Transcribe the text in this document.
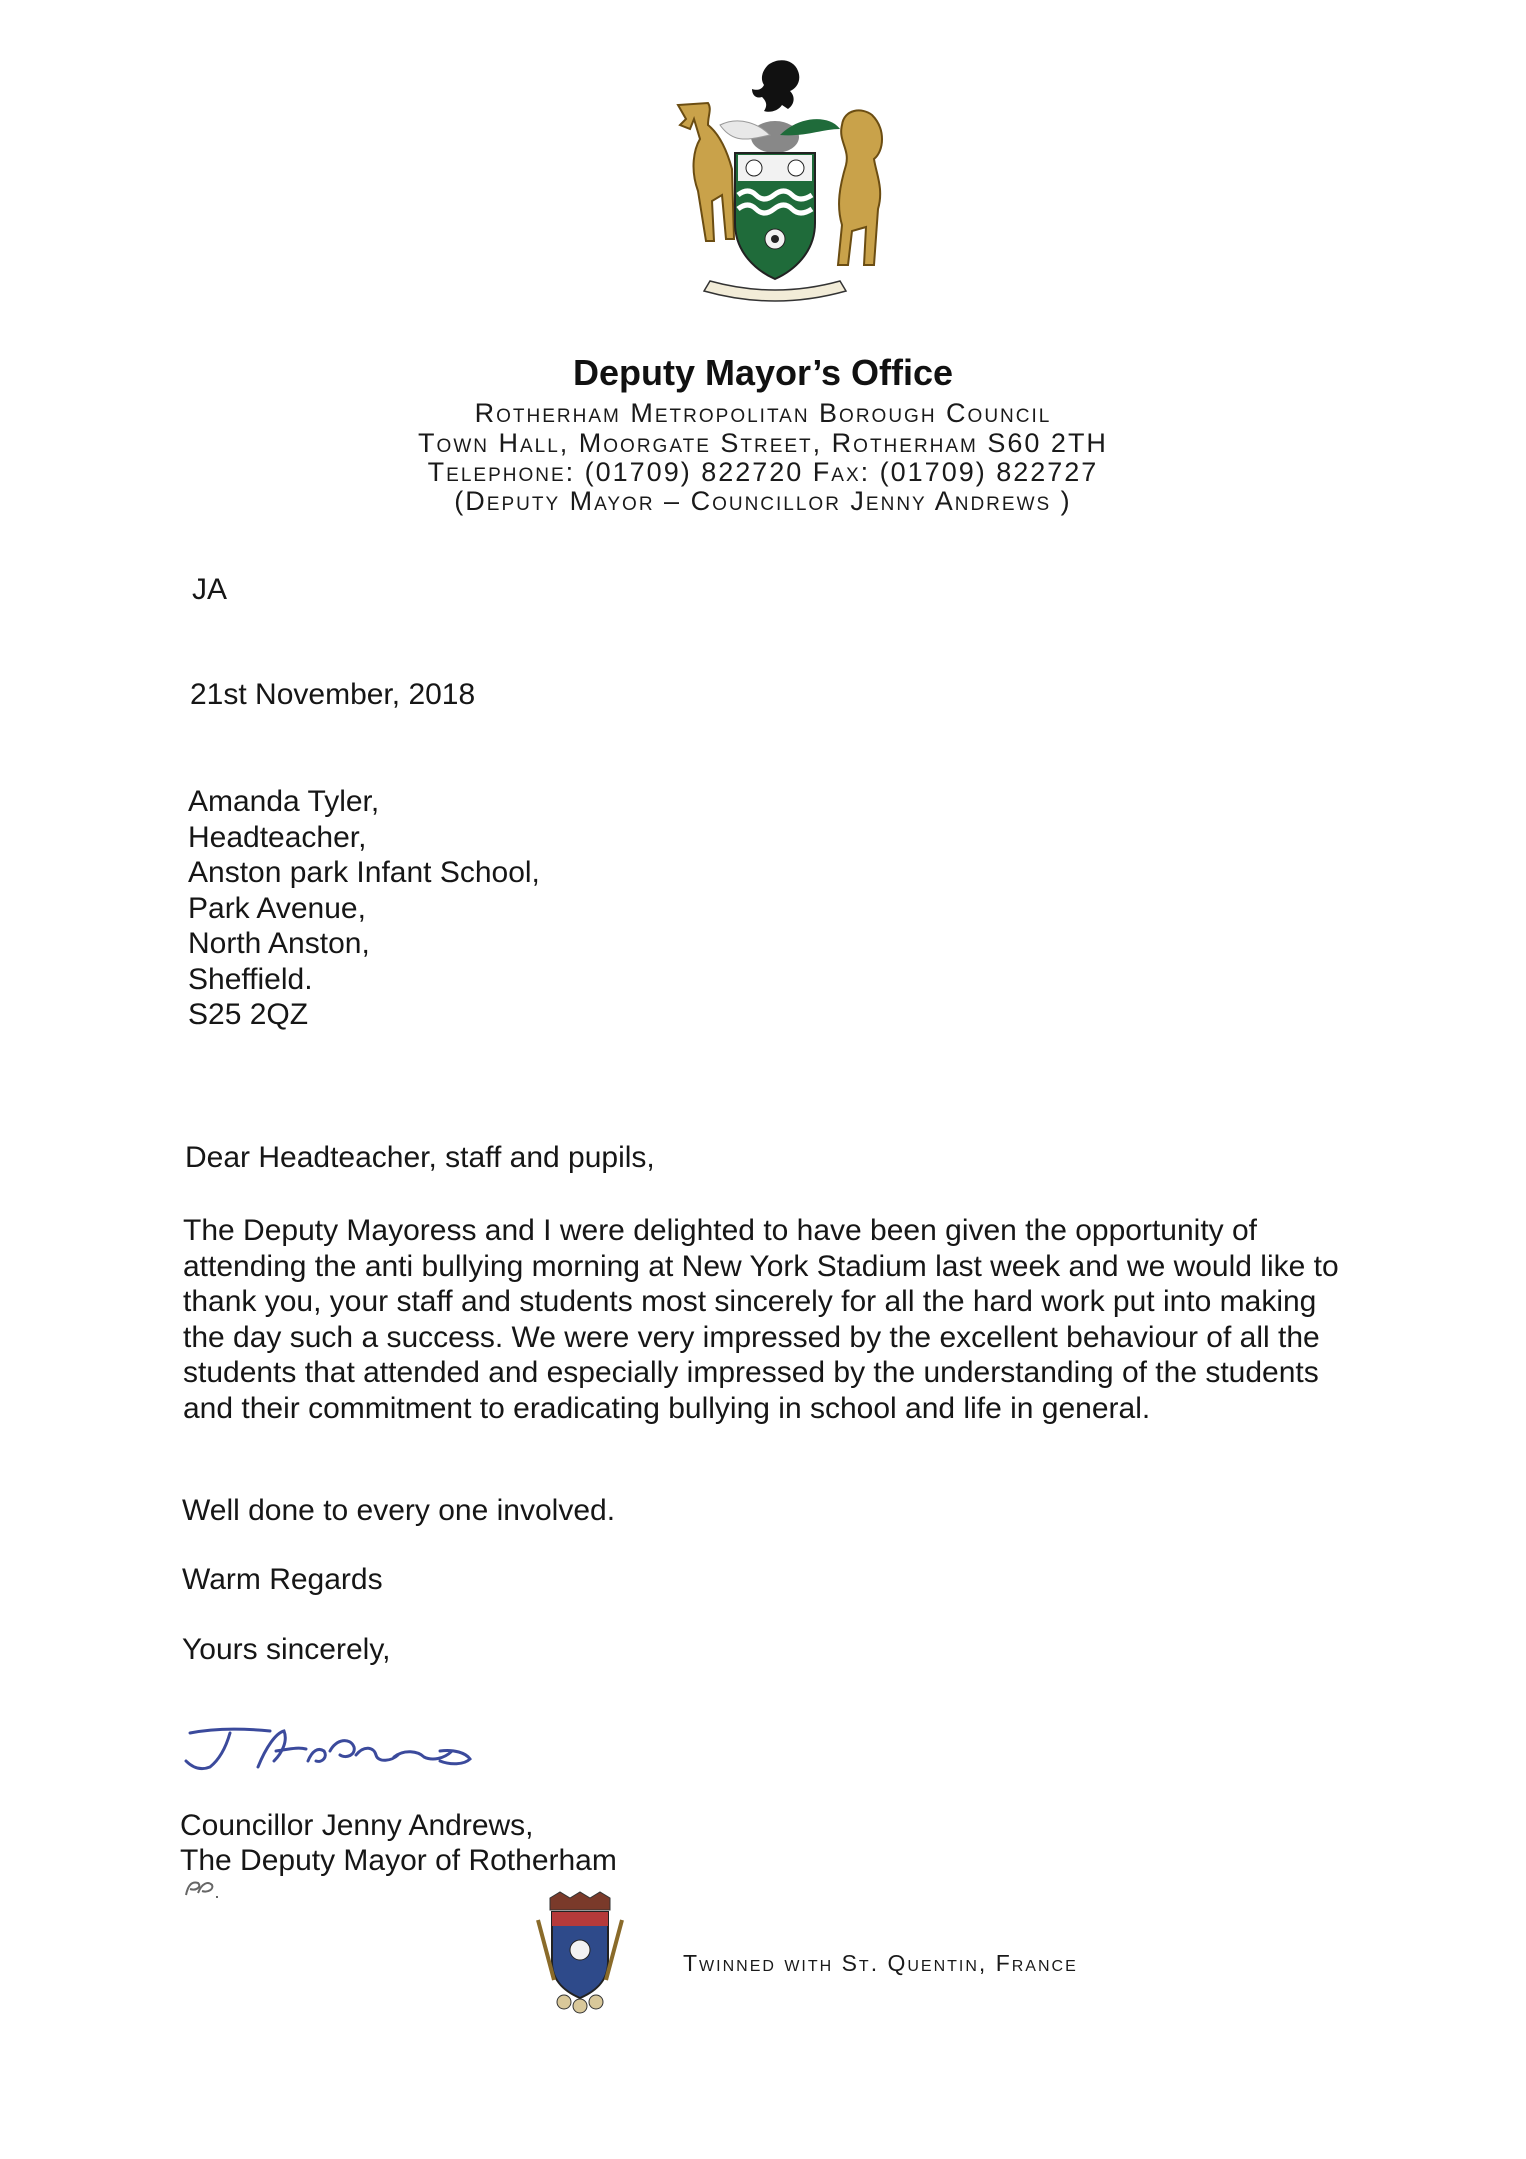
Deputy Mayor’s Office
Rotherham Metropolitan Borough Council
Town Hall, Moorgate Street, Rotherham S60 2TH
Telephone: (01709) 822720 Fax: (01709) 822727
(Deputy Mayor – Councillor Jenny Andrews )
JA
21st November, 2018
Amanda Tyler,
Headteacher,
Anston park Infant School,
Park Avenue,
North Anston,
Sheffield.
S25 2QZ
Dear Headteacher, staff and pupils,
The Deputy Mayoress and I were delighted to have been given the opportunity of attending the anti bullying morning at New York Stadium last week and we would like to thank you, your staff and students most sincerely for all the hard work put into making the day such a success. We were very impressed by the excellent behaviour of all the students that attended and especially impressed by the understanding of the students and their commitment to eradicating bullying in school and life in general.
Well done to every one involved.
Warm Regards
Yours sincerely,
Councillor Jenny Andrews,
The Deputy Mayor of Rotherham
Twinned with St. Quentin, France
